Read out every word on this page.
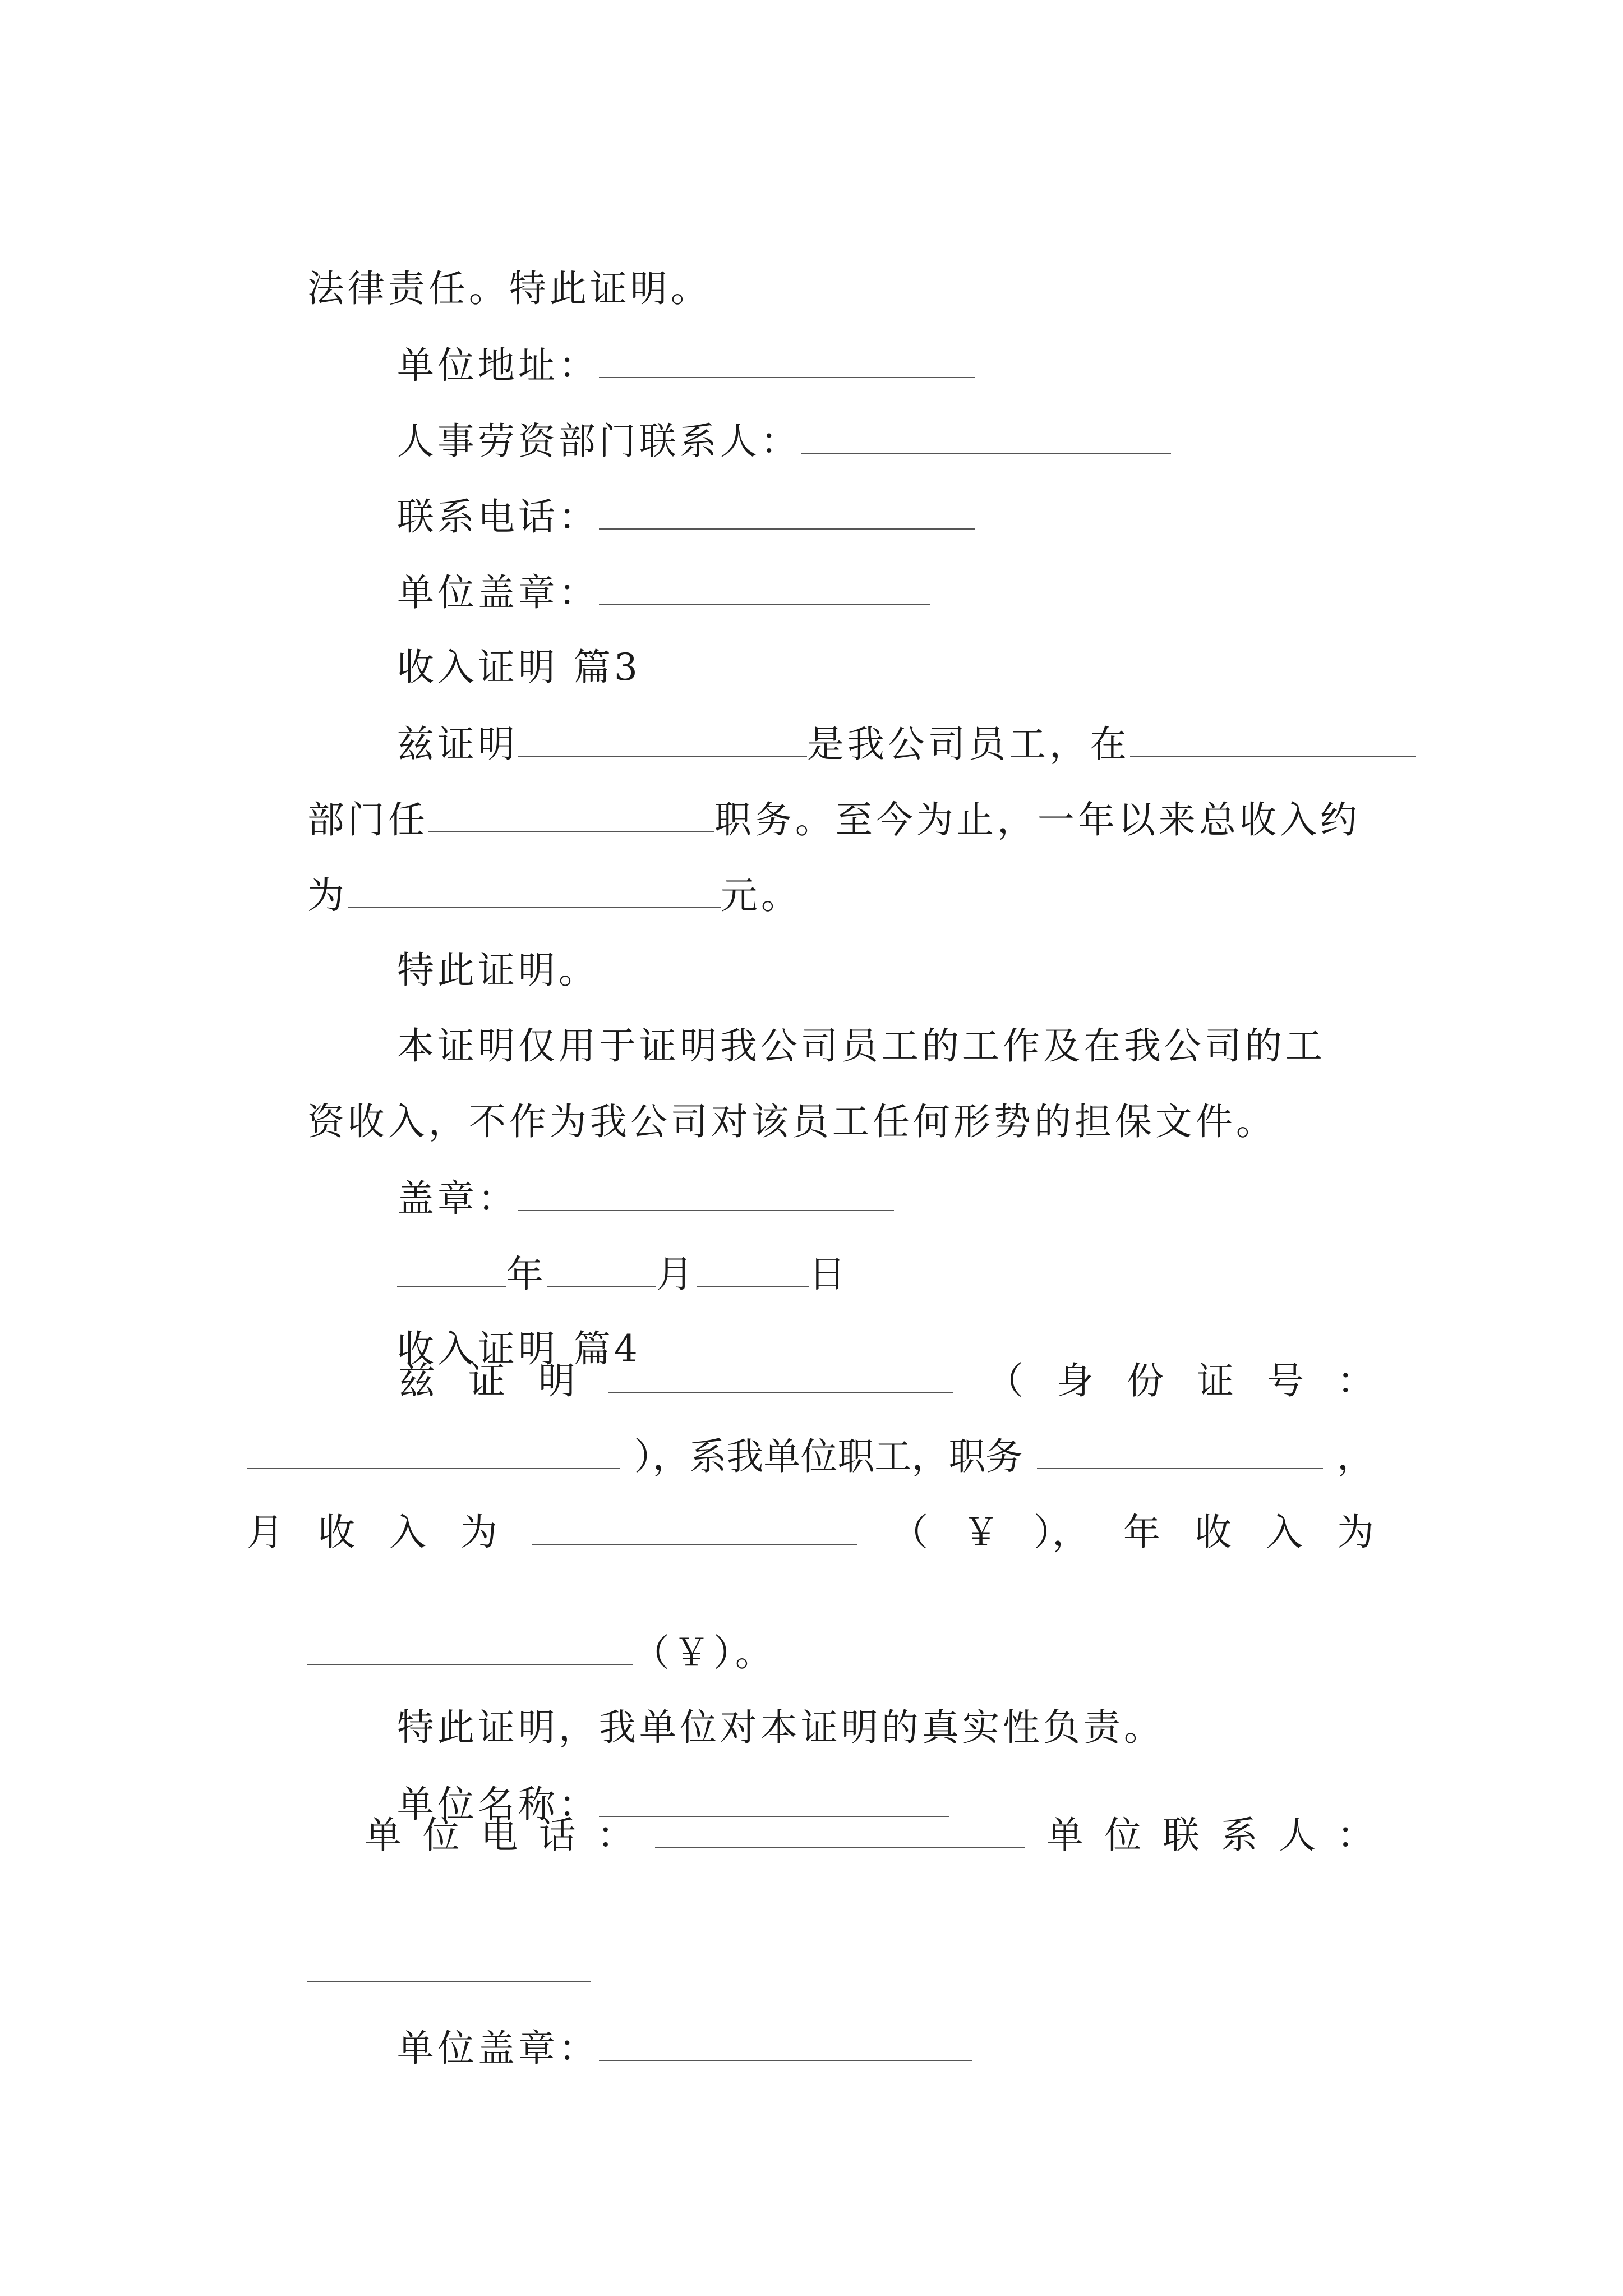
法律责任。特此证明。

单位地址：

人事劳资部门联系人：

联系电话：

单位盖章：

收入证明 篇3

兹证明	是我公司员工，在

部门任	职务。至今为止，一年以来总收入约

为	元。

特此证明。

本证明仅用于证明我公司员工的工作及在我公司的工

资收入，不作为我公司对该员工任何形势的担保文件。

盖章：

年	月	日

收入证明 篇4

兹 证 明	（ 身 份 证 号 ：
），系我单位职工，职务	，
月 收 入 为	（ ￥ ）， 年 收 入 为

（￥）。

特此证明，我单位对本证明的真实性负责。

单位名称：

单 位 电 话 ：	单 位 联 系 人 ：

单位盖章：
